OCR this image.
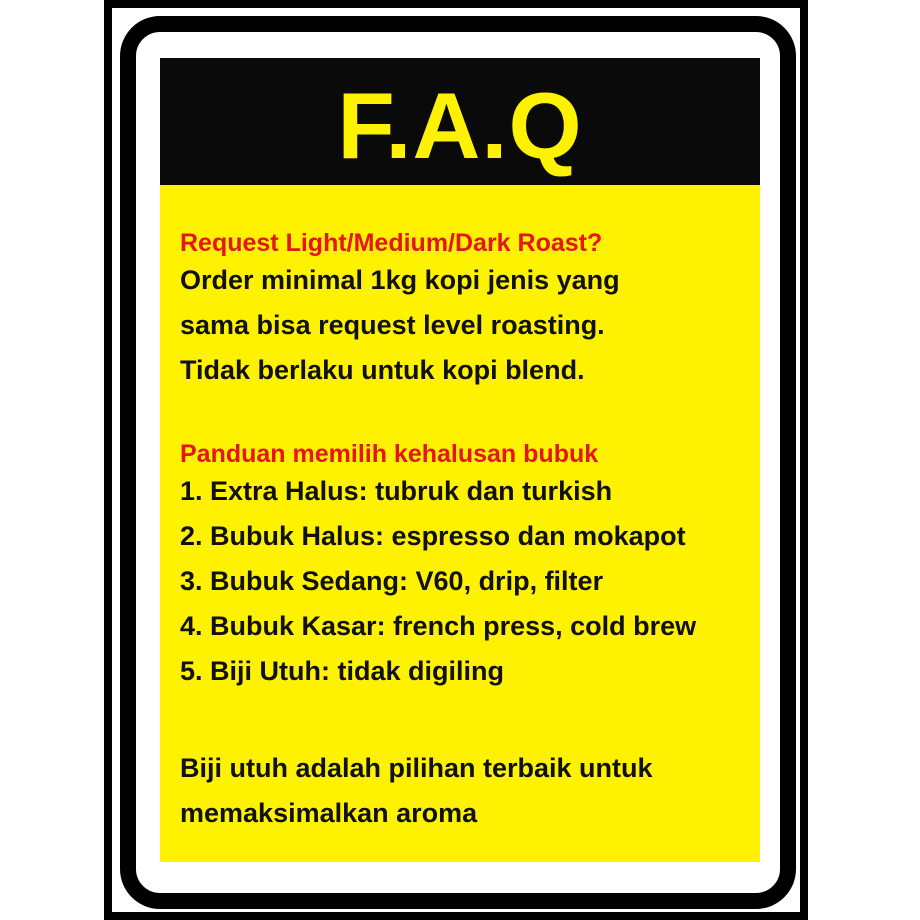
F.A.Q
Request Light/Medium/Dark Roast?
Order minimal 1kg kopi jenis yang
sama bisa request level roasting.
Tidak berlaku untuk kopi blend.
Panduan memilih kehalusan bubuk
1. Extra Halus: tubruk dan turkish
2. Bubuk Halus: espresso dan mokapot
3. Bubuk Sedang: V60, drip, filter
4. Bubuk Kasar: french press, cold brew
5. Biji Utuh: tidak digiling
Biji utuh adalah pilihan terbaik untuk
memaksimalkan aroma
